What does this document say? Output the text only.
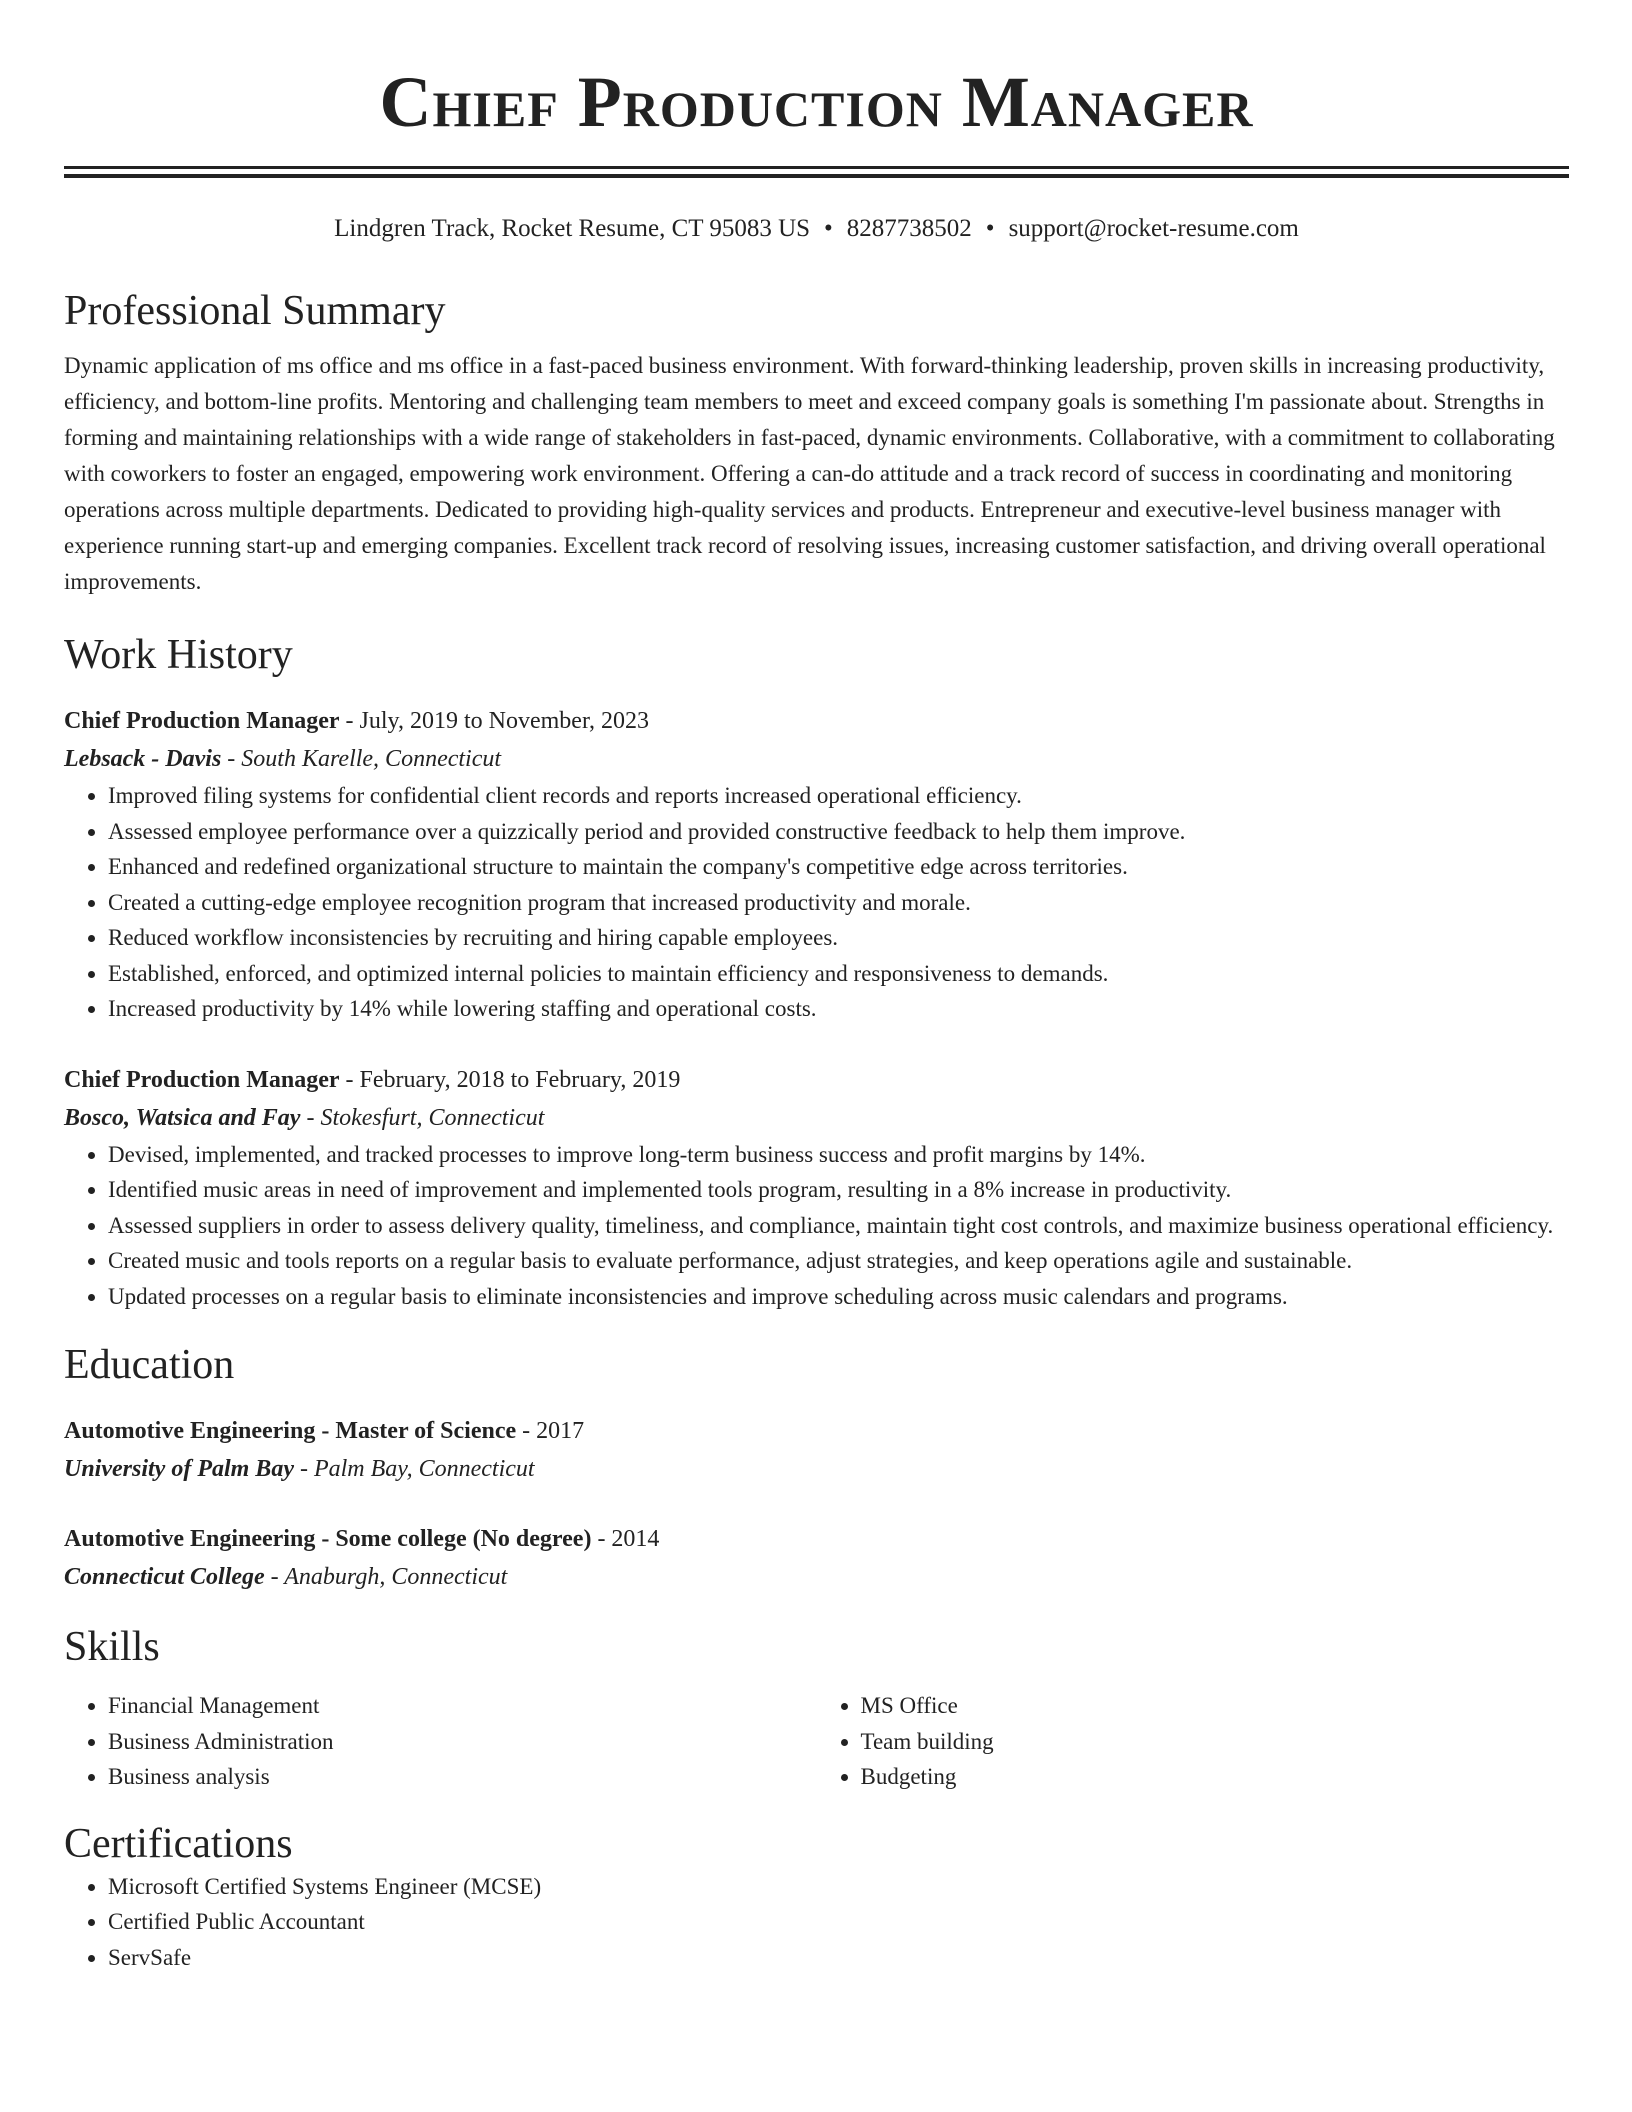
Chief Production Manager
Lindgren Track, Rocket Resume, CT 95083 US • 8287738502 • support@rocket-resume.com
Professional Summary
Dynamic application of ms office and ms office in a fast-paced business environment. With forward-thinking leadership, proven skills in increasing productivity, efficiency, and bottom-line profits. Mentoring and challenging team members to meet and exceed company goals is something I'm passionate about. Strengths in forming and maintaining relationships with a wide range of stakeholders in fast-paced, dynamic environments. Collaborative, with a commitment to collaborating with coworkers to foster an engaged, empowering work environment. Offering a can-do attitude and a track record of success in coordinating and monitoring operations across multiple departments. Dedicated to providing high-quality services and products. Entrepreneur and executive-level business manager with experience running start-up and emerging companies. Excellent track record of resolving issues, increasing customer satisfaction, and driving overall operational improvements.
Work History
Chief Production Manager - July, 2019 to November, 2023
Lebsack - Davis - South Karelle, Connecticut
• Improved filing systems for confidential client records and reports increased operational efficiency.
• Assessed employee performance over a quizzically period and provided constructive feedback to help them improve.
• Enhanced and redefined organizational structure to maintain the company's competitive edge across territories.
• Created a cutting-edge employee recognition program that increased productivity and morale.
• Reduced workflow inconsistencies by recruiting and hiring capable employees.
• Established, enforced, and optimized internal policies to maintain efficiency and responsiveness to demands.
• Increased productivity by 14% while lowering staffing and operational costs.
Chief Production Manager - February, 2018 to February, 2019
Bosco, Watsica and Fay - Stokesfurt, Connecticut
• Devised, implemented, and tracked processes to improve long-term business success and profit margins by 14%.
• Identified music areas in need of improvement and implemented tools program, resulting in a 8% increase in productivity.
• Assessed suppliers in order to assess delivery quality, timeliness, and compliance, maintain tight cost controls, and maximize business operational efficiency.
• Created music and tools reports on a regular basis to evaluate performance, adjust strategies, and keep operations agile and sustainable.
• Updated processes on a regular basis to eliminate inconsistencies and improve scheduling across music calendars and programs.
Education
Automotive Engineering - Master of Science - 2017
University of Palm Bay - Palm Bay, Connecticut
Automotive Engineering - Some college (No degree) - 2014
Connecticut College - Anaburgh, Connecticut
Skills
• Financial Management
• Business Administration
• Business analysis
• MS Office
• Team building
• Budgeting
Certifications
• Microsoft Certified Systems Engineer (MCSE)
• Certified Public Accountant
• ServSafe
